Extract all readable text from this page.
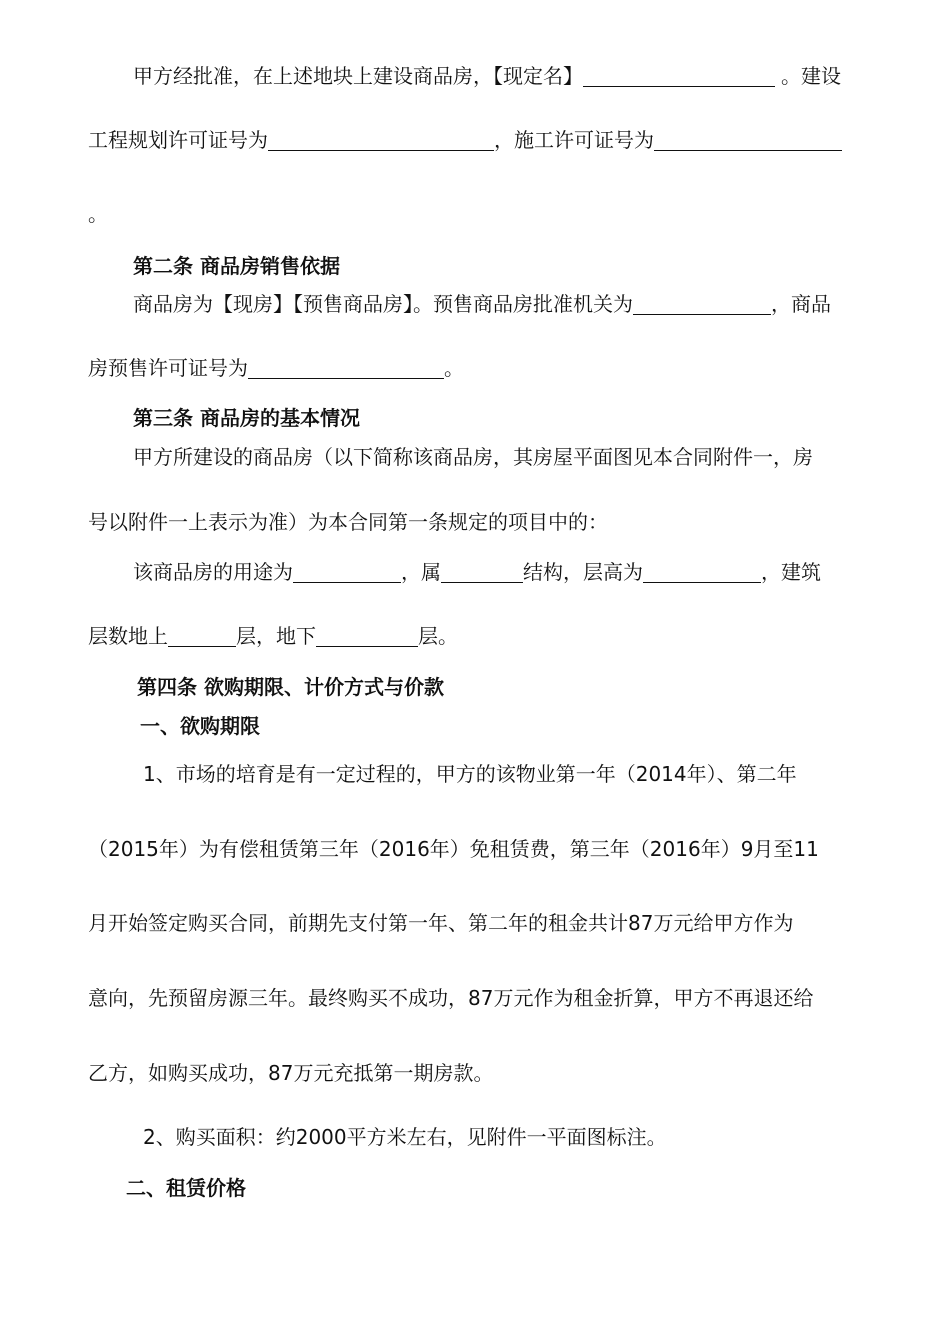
甲方经批准，在上述地块上建设商品房，【现定名】	。建设
工程规划许可证号为	，施工许可证号为
。
第二条 商品房销售依据
商品房为【现房】【预售商品房】。预售商品房批准机关为	，商品
房预售许可证号为	。
第三条 商品房的基本情况
甲方所建设的商品房（以下简称该商品房，其房屋平面图见本合同附件一，房
号以附件一上表示为准）为本合同第一条规定的项目中的：
该商品房的用途为	，属	结构，层高为	，建筑
层数地上	层，地下	层。
第四条 欲购期限、计价方式与价款
一、欲购期限
1、市场的培育是有一定过程的，甲方的该物业第一年（2014年）、第二年
（2015年）为有偿租赁第三年（2016年）免租赁费，第三年（2016年）9月至11
月开始签定购买合同，前期先支付第一年、第二年的租金共计87万元给甲方作为
意向，先预留房源三年。最终购买不成功，87万元作为租金折算，甲方不再退还给
乙方，如购买成功，87万元充抵第一期房款。
2、购买面积：约2000平方米左右，见附件一平面图标注。
二、租赁价格
